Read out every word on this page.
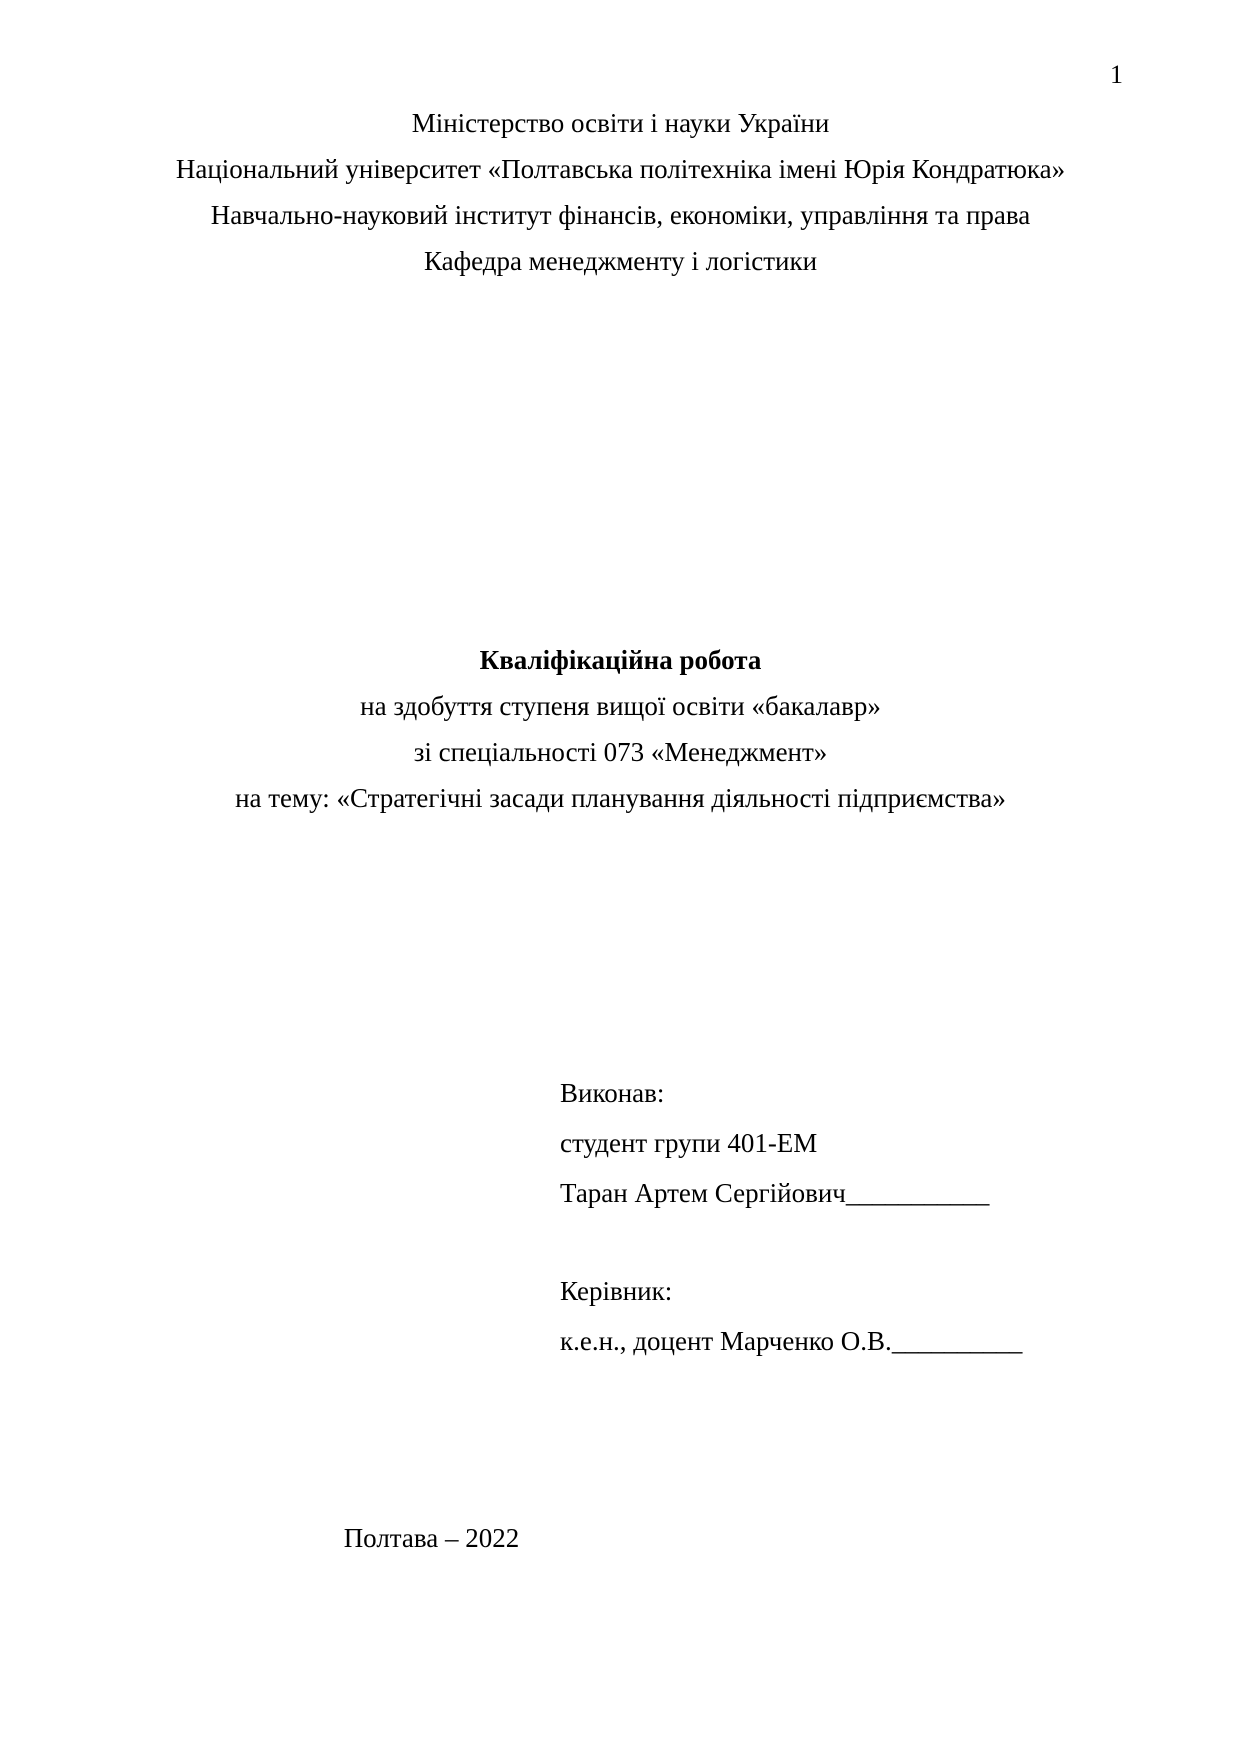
1
Міністерство освіти і науки України
Національний університет «Полтавська політехніка імені Юрія Кондратюка»
Навчально-науковий інститут фінансів, економіки, управління та права
Кафедра менеджменту і логістики
Кваліфікаційна робота
на здобуття ступеня вищої освіти «бакалавр»
зі спеціальності 073 «Менеджмент»
на тему: «Стратегічні засади планування діяльності підприємства»
Виконав:
студент групи 401-ЕМ
Таран Артем Сергійович___________
Керівник:
к.е.н., доцент Марченко О.В.__________
Полтава – 2022
